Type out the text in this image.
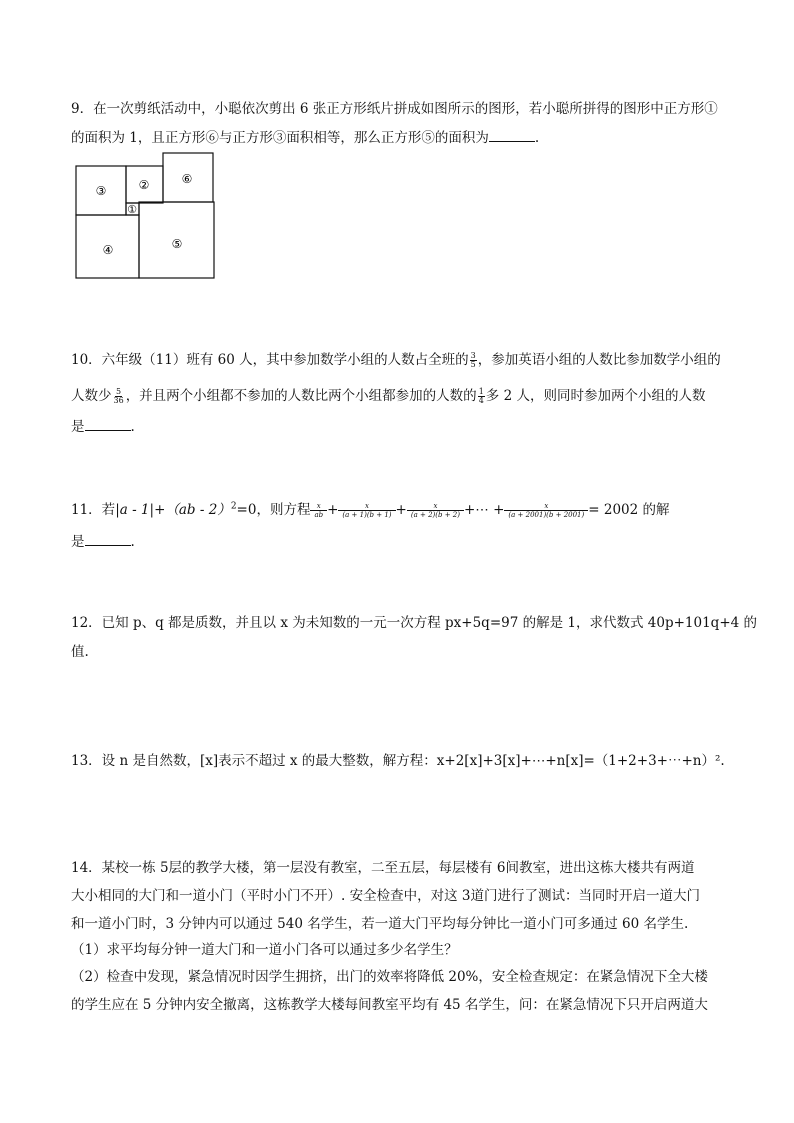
9．在一次剪纸活动中，小聪依次剪出 6 张正方形纸片拼成如图所示的图形，若小聪所拼得的图形中正方形①
的面积为 1，且正方形⑥与正方形③面积相等，那么正方形⑤的面积为	.
③	②	⑥
①
④	⑤
10．六年级（11）班有 60 人，其中参加数学小组的人数占全班的 $\frac{3}{5}$ ，参加英语小组的人数比参加数学小组的
人数少 $\frac{5}{36}$ ，并且两个小组都不参加的人数比两个小组都参加的人数的 $\frac{1}{4}$ 多 2 人，则同时参加两个小组的人数
是	.
11．若|a - 1|+（ab - 2）$^2$=0，则方程 $\frac{x}{ab} + \frac{x}{(a + 1)(b + 1)} + \frac{x}{(a + 2)(b + 2)}$ +⋯ + $\frac{x}{(a + 2001)(b + 2001)} = 2002$ 的解
是	.
12．已知 p、q 都是质数，并且以 x 为未知数的一元一次方程 px+5q=97 的解是 1，求代数式 40p+101q+4 的
值.
13．设 n 是自然数，[x]表示不超过 x 的最大整数，解方程：x+2[x]+3[x]+⋯+n[x]=（1+2+3+⋯+n）².
14．某校一栋 5层的教学大楼，第一层没有教室，二至五层，每层楼有 6间教室，进出这栋大楼共有两道
大小相同的大门和一道小门（平时小门不开）. 安全检查中，对这 3道门进行了测试：当同时开启一道大门
和一道小门时，3 分钟内可以通过 540 名学生，若一道大门平均每分钟比一道小门可多通过 60 名学生.
（1）求平均每分钟一道大门和一道小门各可以通过多少名学生？
（2）检查中发现，紧急情况时因学生拥挤，出门的效率将降低 20%，安全检查规定：在紧急情况下全大楼
的学生应在 5 分钟内安全撤离，这栋教学大楼每间教室平均有 45 名学生，问：在紧急情况下只开启两道大
